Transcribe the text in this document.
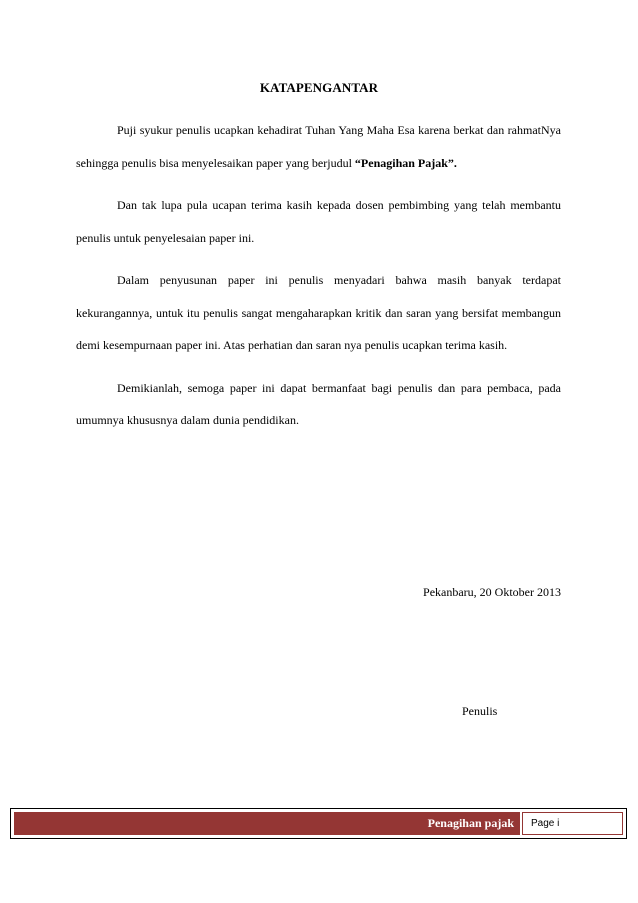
KATAPENGANTAR

Puji syukur penulis ucapkan kehadirat Tuhan Yang Maha Esa karena berkat dan rahmatNya sehingga penulis bisa menyelesaikan paper yang berjudul “Penagihan Pajak”.

Dan tak lupa pula ucapan terima kasih kepada dosen pembimbing yang telah membantu penulis untuk penyelesaian paper ini.

Dalam penyusunan paper ini penulis menyadari bahwa masih banyak terdapat kekurangannya, untuk itu penulis sangat mengaharapkan kritik dan saran yang bersifat membangun demi kesempurnaan paper ini. Atas perhatian dan saran nya penulis ucapkan terima kasih.

Demikianlah, semoga paper ini dapat bermanfaat bagi penulis dan para pembaca, pada umumnya khususnya dalam dunia pendidikan.

Pekanbaru, 20 Oktober 2013
Penulis
Penagihan pajak Page i
